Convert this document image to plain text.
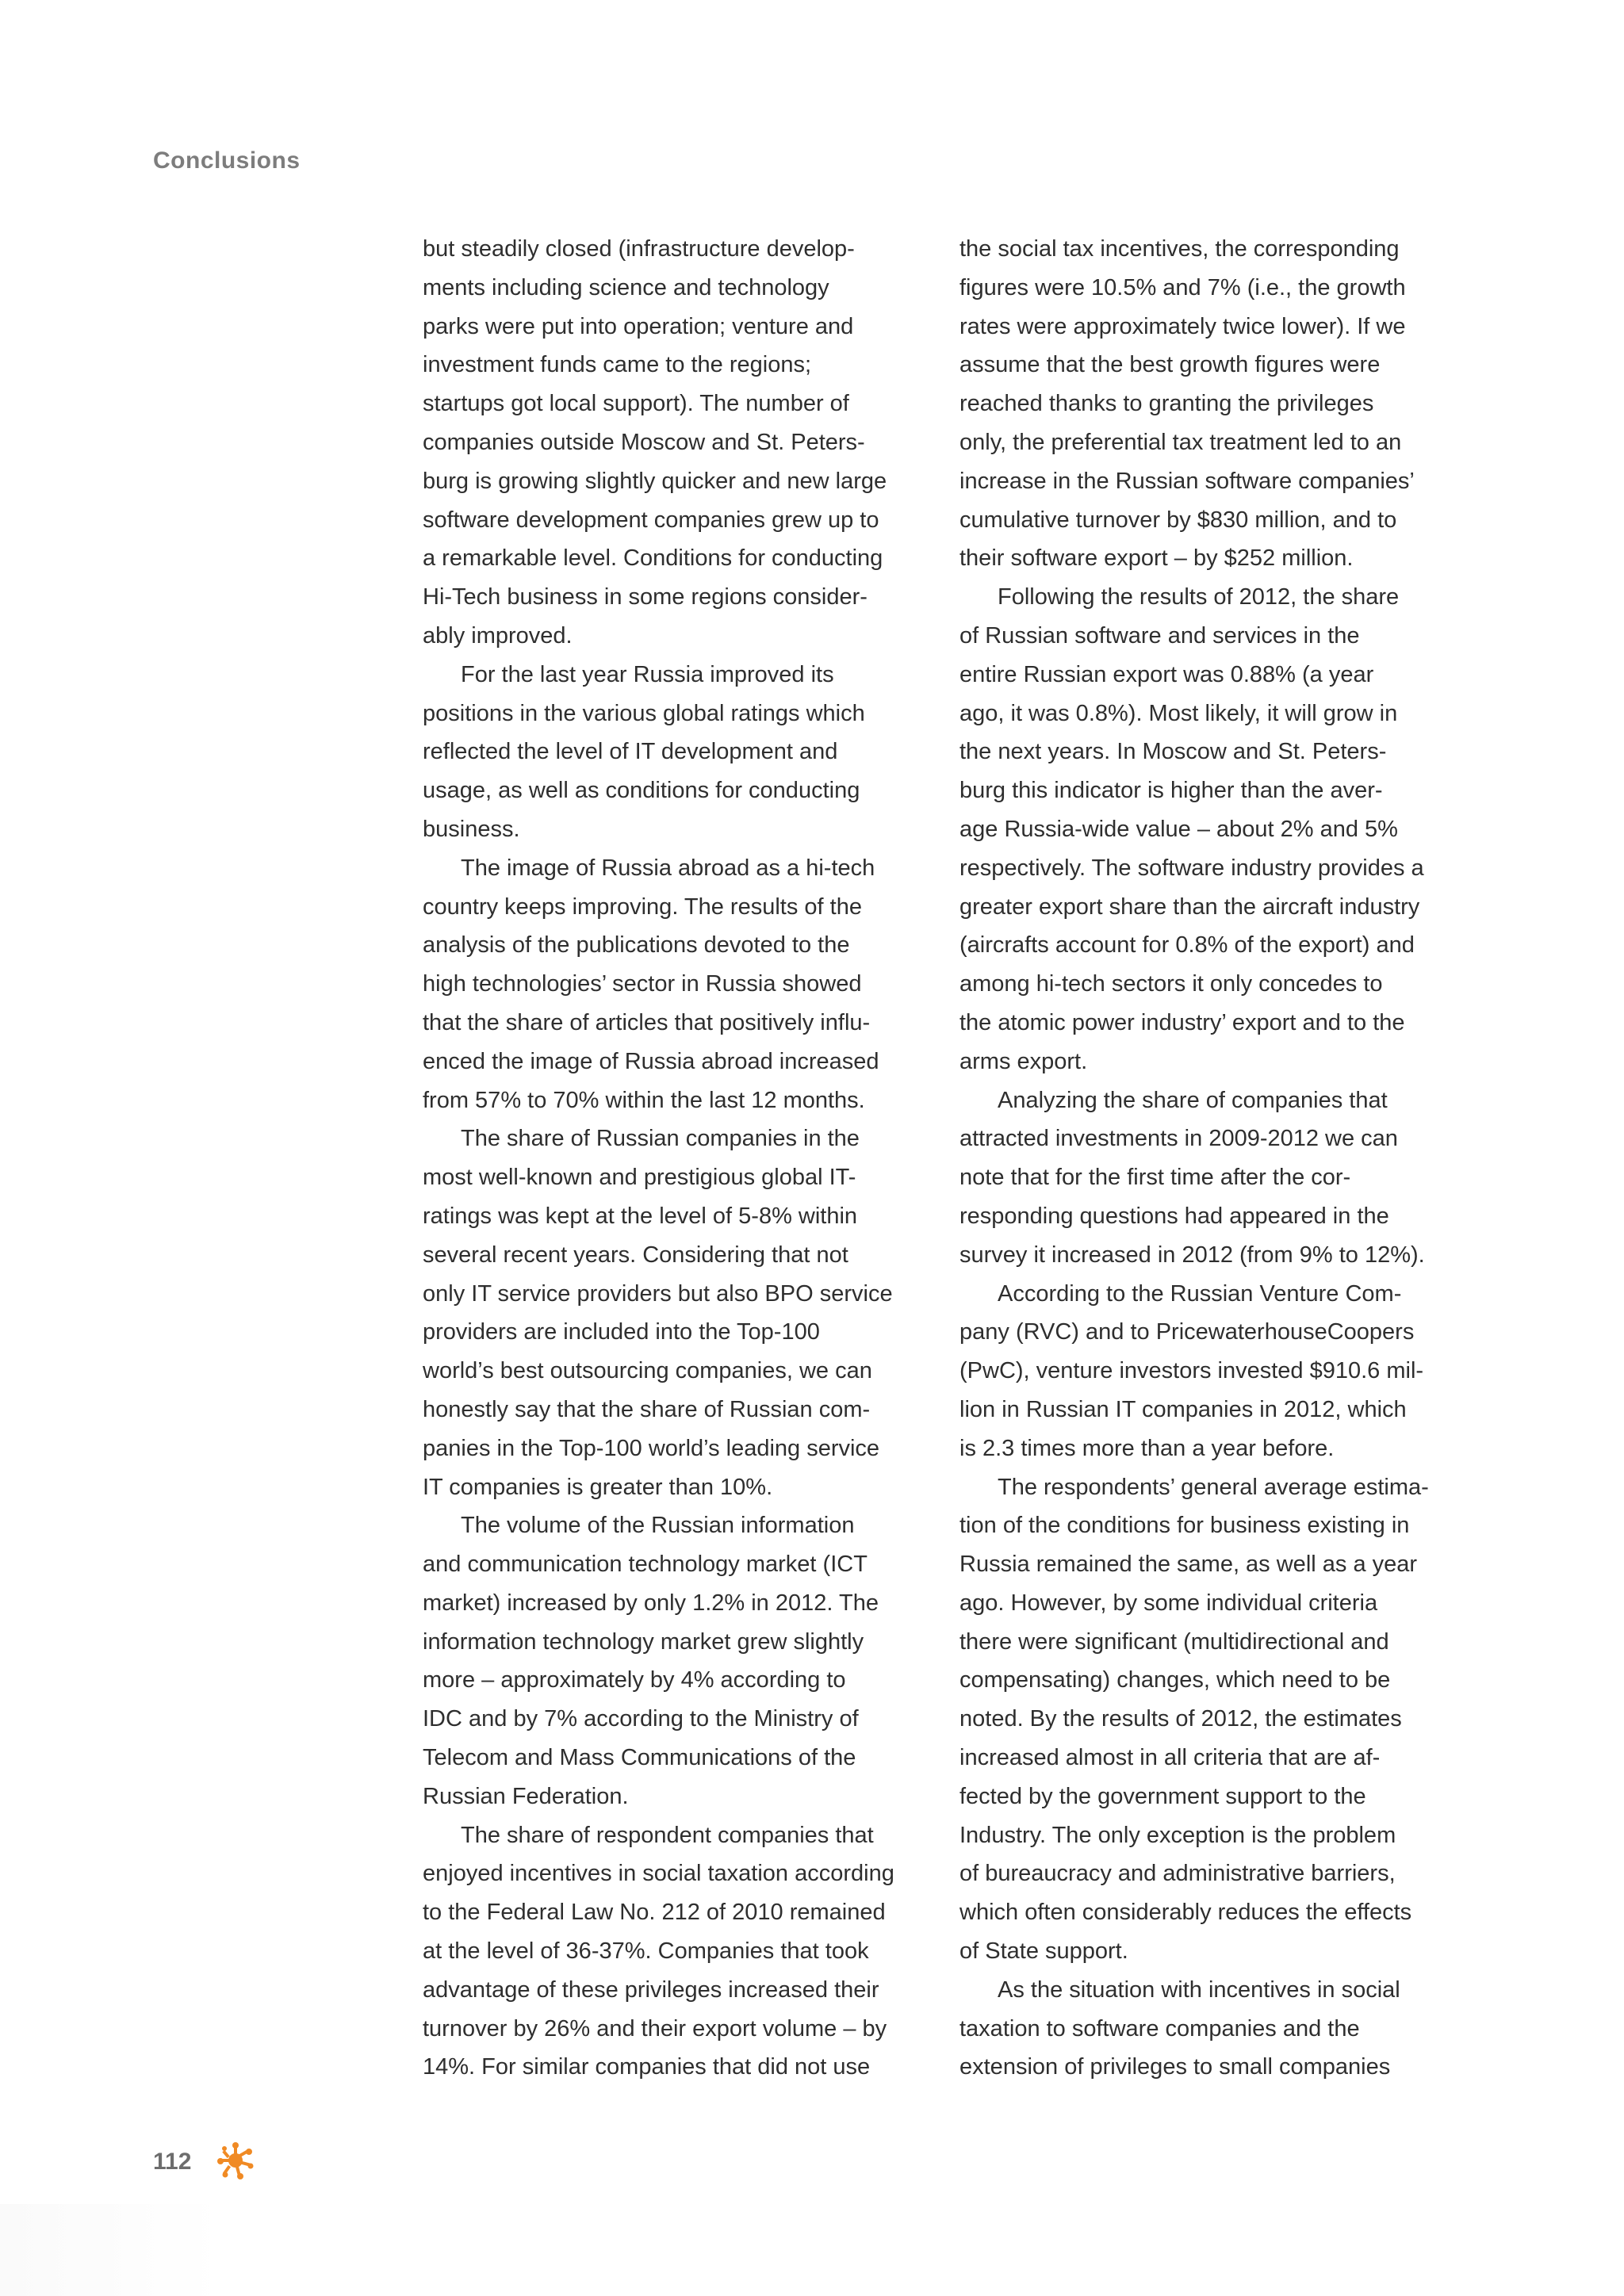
Conclusions

but steadily closed (infrastructure develop-

ments including science and technology

parks were put into operation; venture and

investment funds came to the regions;

startups got local support). The number of

companies outside Moscow and St. Peters-

burg is growing slightly quicker and new large

software development companies grew up to

a remarkable level. Conditions for conducting

Hi-Tech business in some regions consider-

ably improved.

For the last year Russia improved its

positions in the various global ratings which

reflected the level of IT development and

usage, as well as conditions for conducting

business.

The image of Russia abroad as a hi-tech

country keeps improving. The results of the

analysis of the publications devoted to the

high technologies’ sector in Russia showed

that the share of articles that positively influ-

enced the image of Russia abroad increased

from 57% to 70% within the last 12 months.

The share of Russian companies in the

most well-known and prestigious global IT-

ratings was kept at the level of 5-8% within

several recent years. Considering that not

only IT service providers but also BPO service

providers are included into the Top-100

world’s best outsourcing companies, we can

honestly say that the share of Russian com-

panies in the Top-100 world’s leading service

IT companies is greater than 10%.

The volume of the Russian information

and communication technology market (ICT

market) increased by only 1.2% in 2012. The

information technology market grew slightly

more – approximately by 4% according to

IDC and by 7% according to the Ministry of

Telecom and Mass Communications of the

Russian Federation.

The share of respondent companies that

enjoyed incentives in social taxation according

to the Federal Law No. 212 of 2010 remained

at the level of 36-37%. Companies that took

advantage of these privileges increased their

turnover by 26% and their export volume – by

14%. For similar companies that did not use

the social tax incentives, the corresponding

figures were 10.5% and 7% (i.e., the growth

rates were approximately twice lower). If we

assume that the best growth figures were

reached thanks to granting the privileges

only, the preferential tax treatment led to an

increase in the Russian software companies’

cumulative turnover by $830 million, and to

their software export – by $252 million.

Following the results of 2012, the share

of Russian software and services in the

entire Russian export was 0.88% (a year

ago, it was 0.8%). Most likely, it will grow in

the next years. In Moscow and St. Peters-

burg this indicator is higher than the aver-

age Russia-wide value – about 2% and 5%

respectively. The software industry provides a

greater export share than the aircraft industry

(aircrafts account for 0.8% of the export) and

among hi-tech sectors it only concedes to

the atomic power industry’ export and to the

arms export.

Analyzing the share of companies that

attracted investments in 2009-2012 we can

note that for the first time after the cor-

responding questions had appeared in the

survey it increased in 2012 (from 9% to 12%).

According to the Russian Venture Com-

pany (RVC) and to PricewaterhouseCoopers

(PwC), venture investors invested $910.6 mil-

lion in Russian IT companies in 2012, which

is 2.3 times more than a year before.

The respondents’ general average estima-

tion of the conditions for business existing in

Russia remained the same, as well as a year

ago. However, by some individual criteria

there were significant (multidirectional and

compensating) changes, which need to be

noted. By the results of 2012, the estimates

increased almost in all criteria that are af-

fected by the government support to the

Industry. The only exception is the problem

of bureaucracy and administrative barriers,

which often considerably reduces the effects

of State support.

As the situation with incentives in social

taxation to software companies and the

extension of privileges to small companies

112
